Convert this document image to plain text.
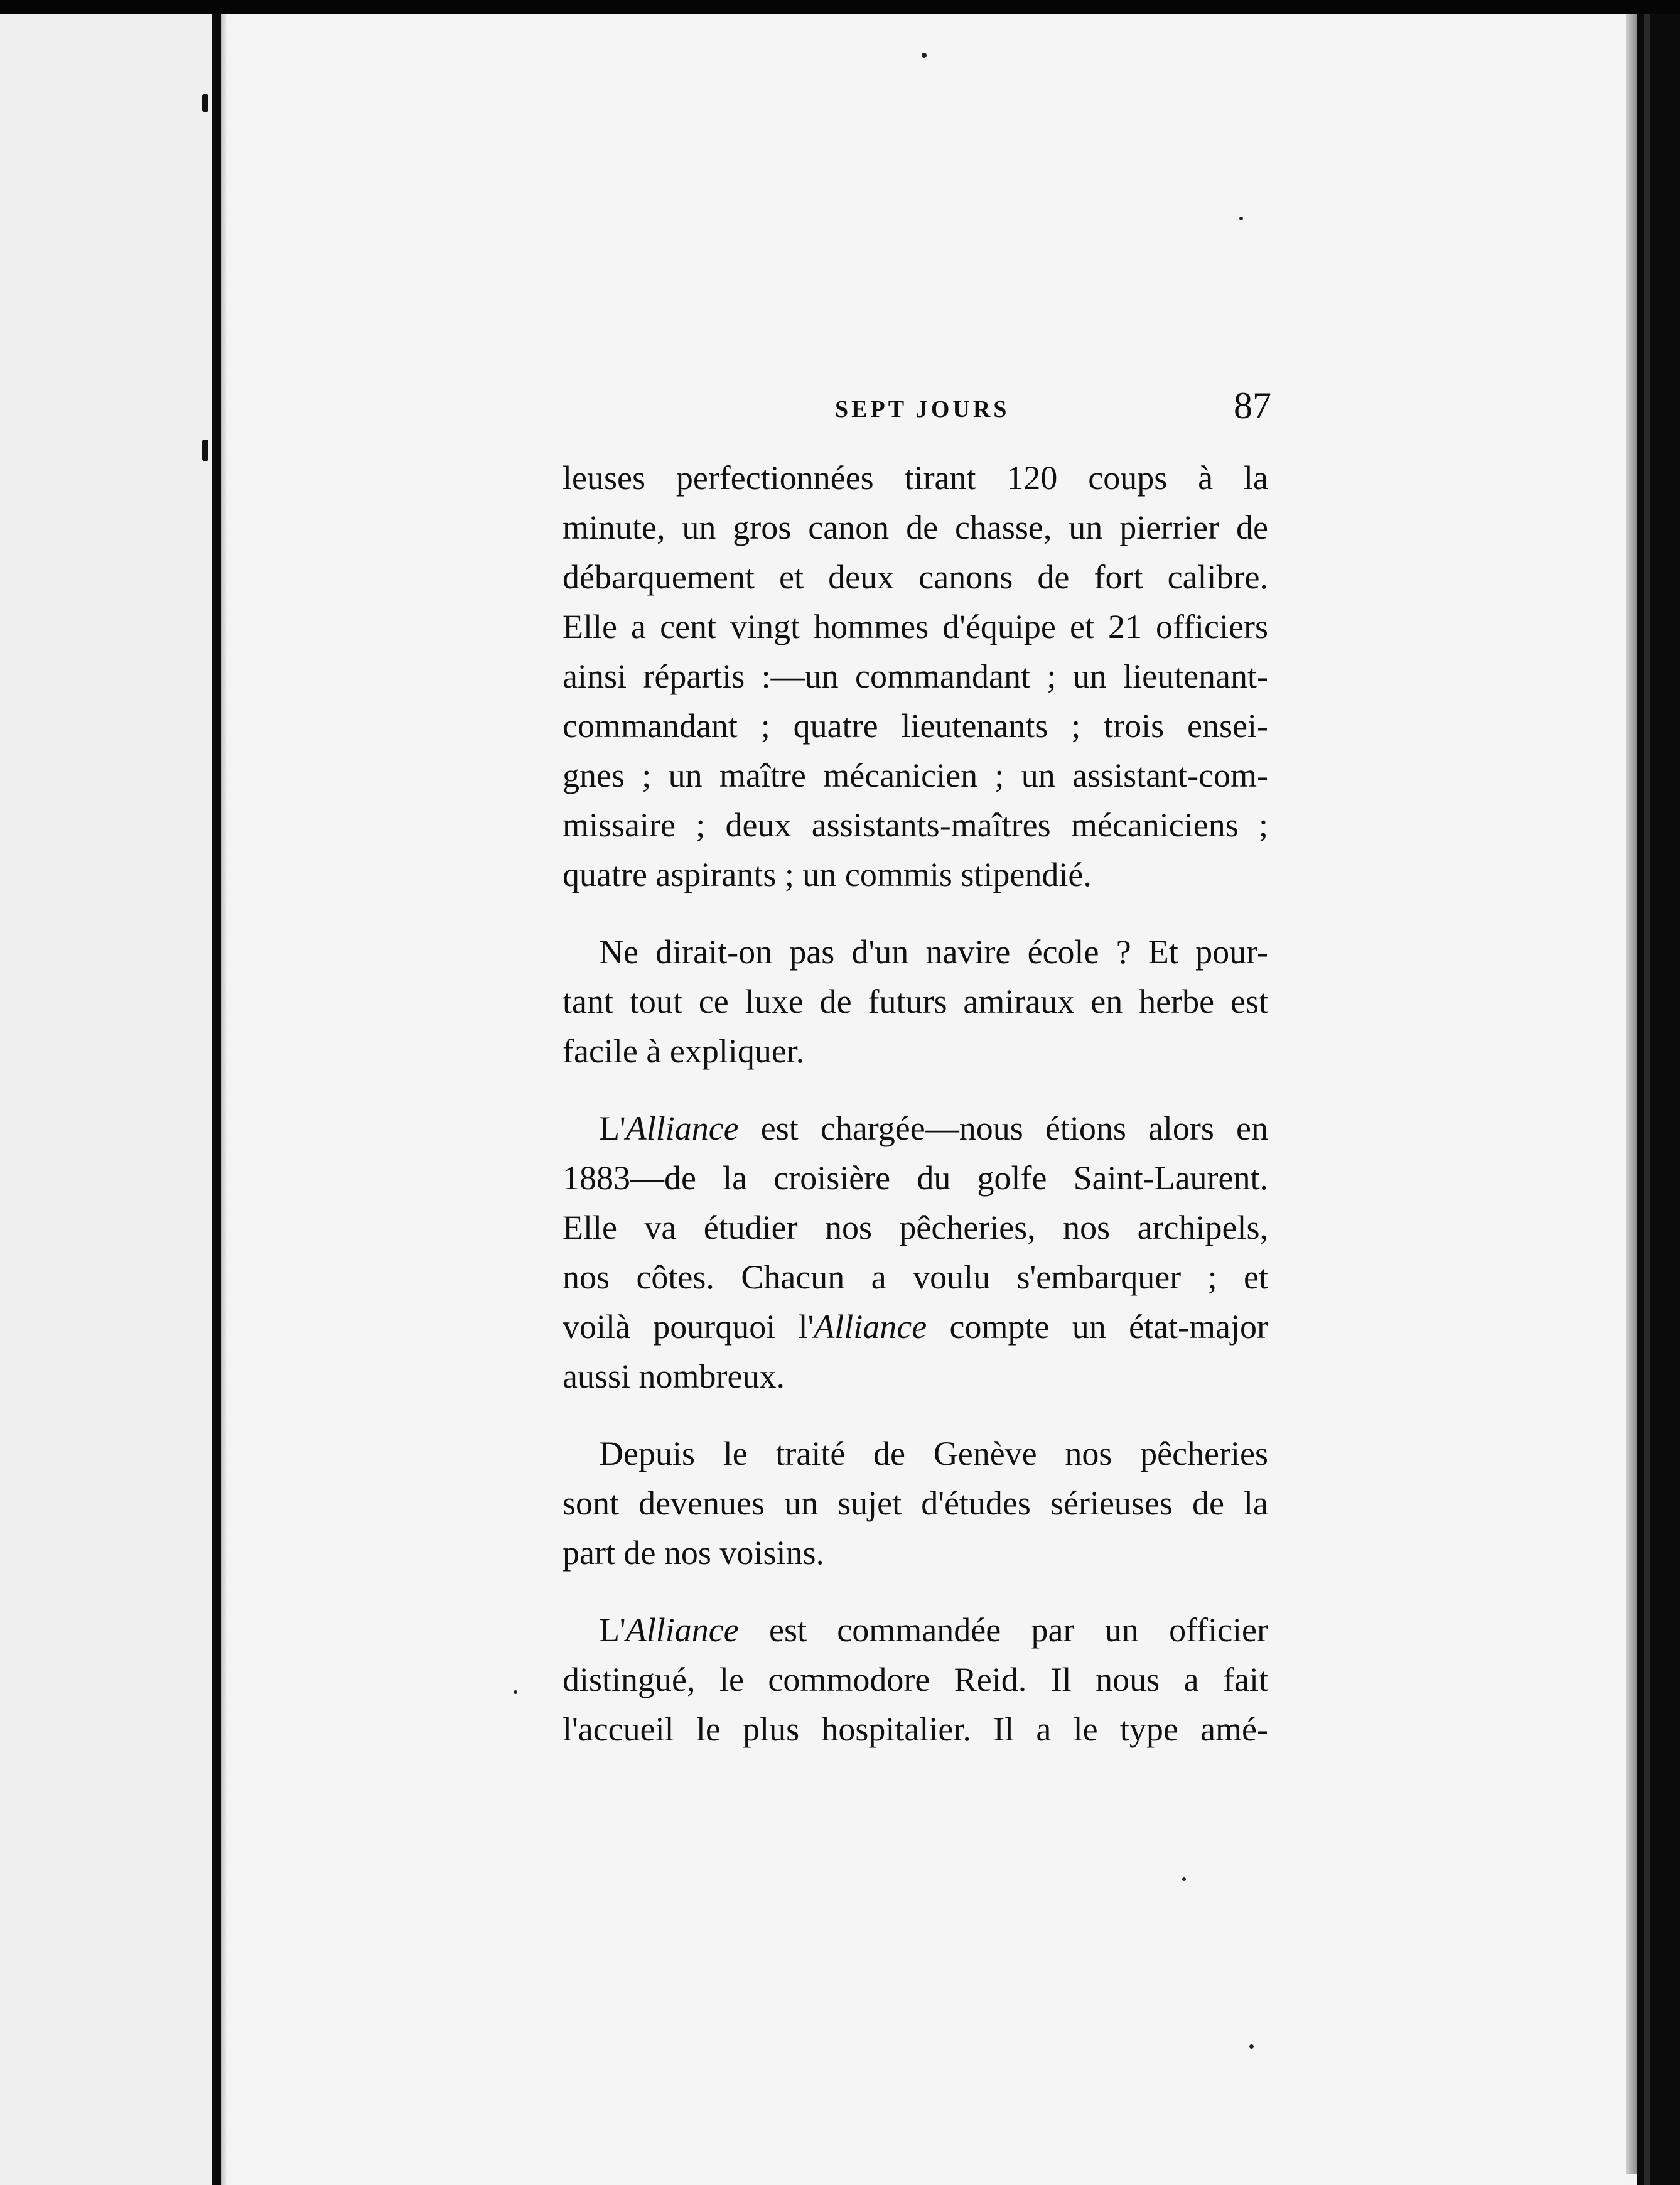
SEPT JOURS	87
leuses perfectionnées tirant 120 coups à la
minute, un gros canon de chasse, un pierrier de
débarquement et deux canons de fort calibre.
Elle a cent vingt hommes d'équipe et 21 officiers
ainsi répartis :—un commandant ; un lieutenant-
commandant ; quatre lieutenants ; trois ensei-
gnes ; un maître mécanicien ; un assistant-com-
missaire ; deux assistants-maîtres mécaniciens ;
quatre aspirants ; un commis stipendié.
Ne dirait-on pas d'un navire école ? Et pour-
tant tout ce luxe de futurs amiraux en herbe est
facile à expliquer.
L'Alliance est chargée—nous étions alors en
1883—de la croisière du golfe Saint-Laurent.
Elle va étudier nos pêcheries, nos archipels,
nos côtes. Chacun a voulu s'embarquer ; et
voilà pourquoi l'Alliance compte un état-major
aussi nombreux.
Depuis le traité de Genève nos pêcheries
sont devenues un sujet d'études sérieuses de la
part de nos voisins.
L'Alliance est commandée par un officier
distingué, le commodore Reid. Il nous a fait
l'accueil le plus hospitalier. Il a le type amé-
